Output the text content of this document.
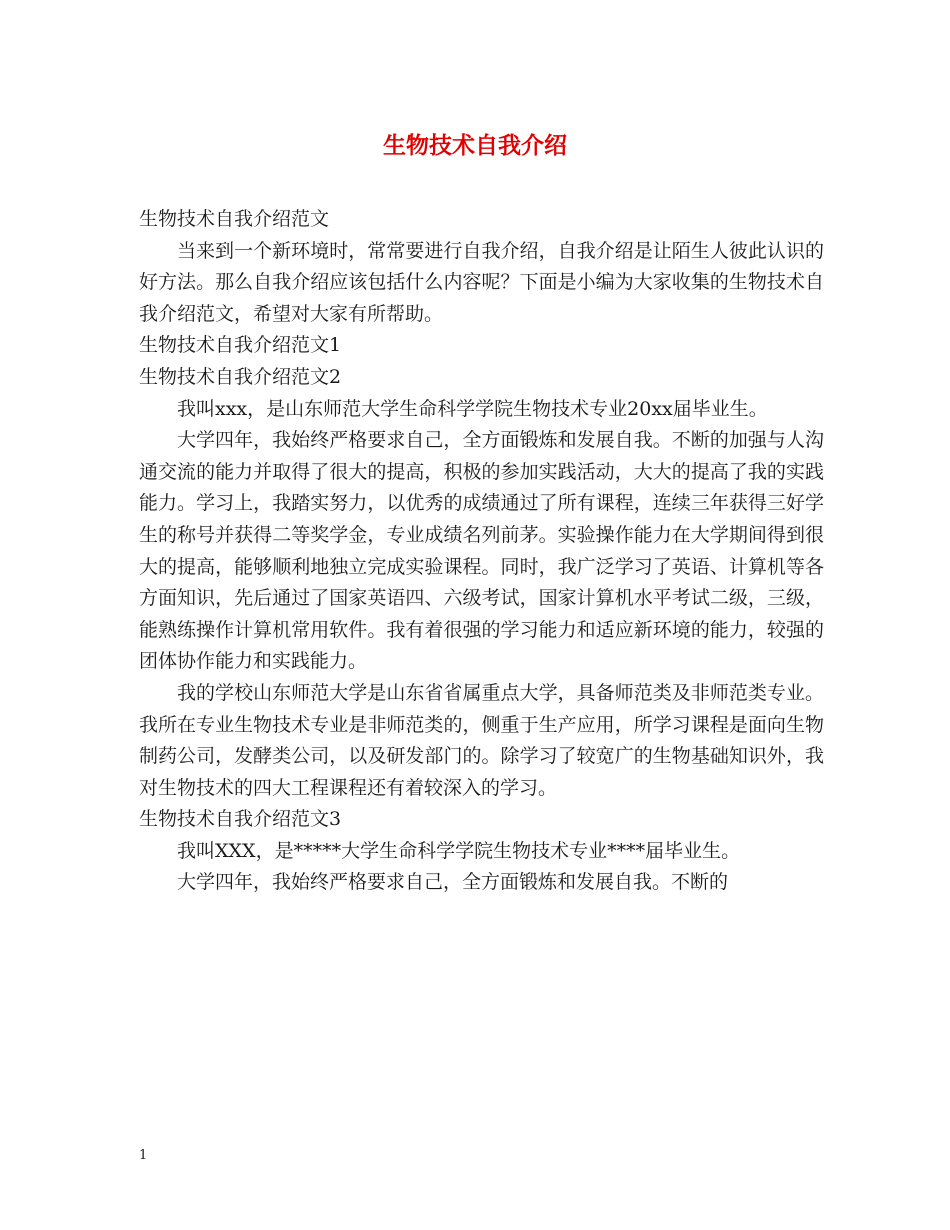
生物技术自我介绍

生物技术自我介绍范文

当来到一个新环境时，常常要进行自我介绍，自我介绍是让陌生人彼此认识的好方法。那么自我介绍应该包括什么内容呢？下面是小编为大家收集的生物技术自我介绍范文，希望对大家有所帮助。

生物技术自我介绍范文1

生物技术自我介绍范文2

我叫xxx，是山东师范大学生命科学学院生物技术专业20xx届毕业生。

大学四年，我始终严格要求自己，全方面锻炼和发展自我。不断的加强与人沟通交流的能力并取得了很大的提高，积极的参加实践活动，大大的提高了我的实践能力。学习上，我踏实努力，以优秀的成绩通过了所有课程，连续三年获得三好学生的称号并获得二等奖学金，专业成绩名列前茅。实验操作能力在大学期间得到很大的提高，能够顺利地独立完成实验课程。同时，我广泛学习了英语、计算机等各方面知识，先后通过了国家英语四、六级考试，国家计算机水平考试二级，三级，能熟练操作计算机常用软件。我有着很强的学习能力和适应新环境的能力，较强的团体协作能力和实践能力。

我的学校山东师范大学是山东省省属重点大学，具备师范类及非师范类专业。我所在专业生物技术专业是非师范类的，侧重于生产应用，所学习课程是面向生物制药公司，发酵类公司，以及研发部门的。除学习了较宽广的生物基础知识外，我对生物技术的四大工程课程还有着较深入的学习。

生物技术自我介绍范文3

我叫XXX，是*****大学生命科学学院生物技术专业****届毕业生。

大学四年，我始终严格要求自己，全方面锻炼和发展自我。不断的

1
